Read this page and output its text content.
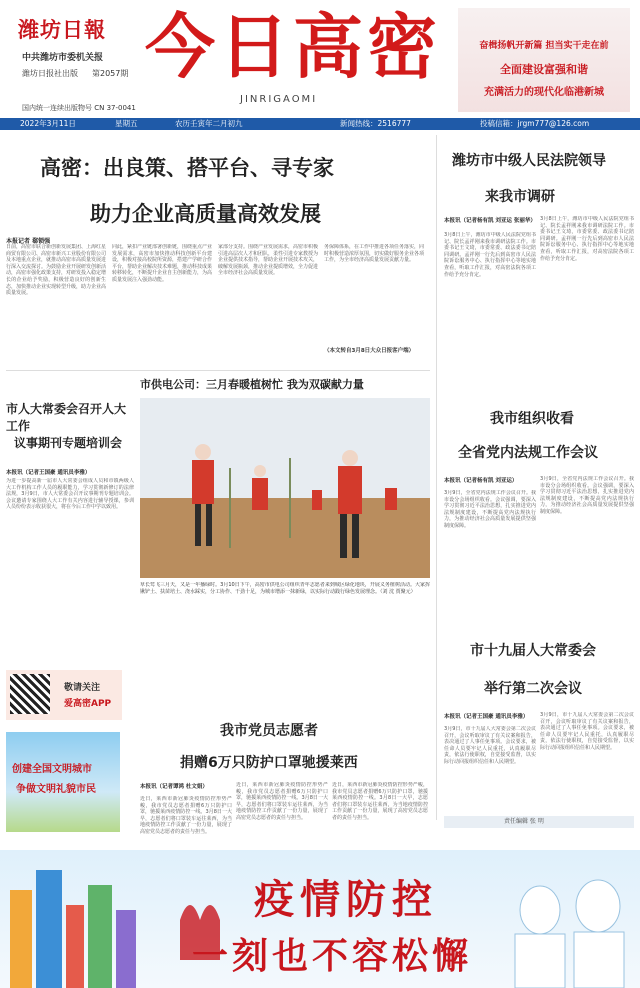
潍坊日報
中共潍坊市委机关报
潍坊日报社出版 第2057期
国内统一连续出版物号 CN 37-0041
今日高密
JINRIGAOMI
奋楫扬帆开新篇 担当实干走在前
全面建设富强和谐
充满活力的现代化临港新城
2022年3月11日	星期五	农历壬寅年二月初九	新闻热线：2516777	投稿信箱：jrgm777@126.com
高密：出良策、搭平台、寻专家
助力企业高质量高效发展
本报记者 郗锁强
日前，高密市联合新创新发展集团、上海红星商贸有限公司、高密市新兴工业股份有限公司及本地重点企业，就推动高密市高质量发展进行深入交流探讨。为鼓励企业开展研发创新活动，高密市强化政策支持，对研发投入稳定增长的企业给予奖励，积极营造良好的创新生态，加快推动企业实现转型升级，助力企业高质量发展。
同此，紧扣产业链部署创新链，围绕重点产业发展需求，高密市加快推动科技创新平台建设，积极对接高校院所资源，搭建产学研合作平台，帮助企业解决技术难题，推动科技成果转移转化，不断提升企业自主创新能力，为高质量发展注入强劲动能。
家部分支持。围绕产业发展需求，高密市积极引进高层次人才和团队，柔性引进专家教授为企业提供技术指导，帮助企业开展技术攻关，破解发展瓶颈，推动企业提质增效，全力促进全市经济社会高质量发展。
务保障体系，在工作中推进各项任务落实，同时积极营造浓厚氛围，切实做好服务企业各项工作，为全市经济高质量发展贡献力量。
（本文转自3月8日大众日报客户端）
潍坊市中级人民法院领导
来我市调研
本报讯（记者杨有凯 刘亚运 张丽华）
3月8日上午，潍坊市中级人民法院党组书记、院长孟祥刚来我市调研法院工作。市委书记王文琦，市委常委、政法委书记陪同调研。孟祥刚一行先后到高密市人民法院诉讼服务中心、执行指挥中心等地实地查看，听取工作汇报，对高密法院各项工作给予充分肯定。
3月8日上午，潍坊市中级人民法院党组书记、院长孟祥刚来我市调研法院工作。市委书记王文琦，市委常委、政法委书记陪同调研。孟祥刚一行先后到高密市人民法院诉讼服务中心、执行指挥中心等地实地查看，听取工作汇报，对高密法院各项工作给予充分肯定。
市人大常委会召开人大工作
议事期刊专题培训会
本报讯（记者王国豪 通讯员李雅）
为进一步提高新一届市人大常委会组成人员和市镇两级人大工作机构工作人员的履职能力，学习贯彻新修订的法律法规，3月9日，市人大常委会召开议事期刊专题培训会。会议邀请专家围绕人大工作有关内容进行辅导授课，参训人员纷纷表示收获很大，将在今后工作中学以致用。
市供电公司：三月春暖植树忙 我为双碳献力量
草长莺飞三月天，又是一年播绿时。3月10日下午，高密市供电公司组织青年志愿者来到城区绿化地块，开展义务植树活动。大家挥锹铲土、扶苗培土、浇水踩实，分工协作、干劲十足，为城市增添一抹新绿，以实际行动践行绿色发展理念。（刘 沈 贾聚元）
我市组织收看
全省党内法规工作会议
本报讯（记者杨有凯 刘亚运）
3月9日，全省党内法规工作会议召开。我市设分会场组织收看。会议强调，要深入学习贯彻习近平法治思想，扎实推进党内法规制度建设，不断提高党内法规执行力，为推动经济社会高质量发展提供坚强制度保障。
3月9日，全省党内法规工作会议召开。我市设分会场组织收看。会议强调，要深入学习贯彻习近平法治思想，扎实推进党内法规制度建设，不断提高党内法规执行力，为推动经济社会高质量发展提供坚强制度保障。
市十九届人大常委会
举行第二次会议
本报讯（记者王国豪 通讯员李雅）
3月9日，市十九届人大常委会第二次会议召开，会议听取审议了有关议案和报告，表决通过了人事任免事项。会议要求，被任命人员要牢记人民重托，认真履职尽责，依法行使职权，自觉接受监督，以实际行动回报组织信任和人民期望。
3月9日，市十九届人大常委会第二次会议召开，会议听取审议了有关议案和报告，表决通过了人事任免事项。会议要求，被任命人员要牢记人民重托，认真履职尽责，依法行使职权，自觉接受监督，以实际行动回报组织信任和人民期望。
责任编辑 张 明
敬请关注
爱高密APP
创建全国文明城市
争做文明礼貌市民
我市党员志愿者
捐赠6万只防护口罩驰援莱西
本报讯（记者谭鸿 杜文娟）
近日，莱西市新冠肺炎疫情防控形势严峻，我市党员志愿者捐赠6万只防护口罩，驰援莱西疫情防控一线。3月8日一大早，志愿者们将口罩装车运往莱西，为当地疫情防控工作贡献了一份力量，展现了高密党员志愿者的责任与担当。
近日，莱西市新冠肺炎疫情防控形势严峻，我市党员志愿者捐赠6万只防护口罩，驰援莱西疫情防控一线。3月8日一大早，志愿者们将口罩装车运往莱西，为当地疫情防控工作贡献了一份力量，展现了高密党员志愿者的责任与担当。
近日，莱西市新冠肺炎疫情防控形势严峻，我市党员志愿者捐赠6万只防护口罩，驰援莱西疫情防控一线。3月8日一大早，志愿者们将口罩装车运往莱西，为当地疫情防控工作贡献了一份力量，展现了高密党员志愿者的责任与担当。
疫情防控
一刻也不容松懈
